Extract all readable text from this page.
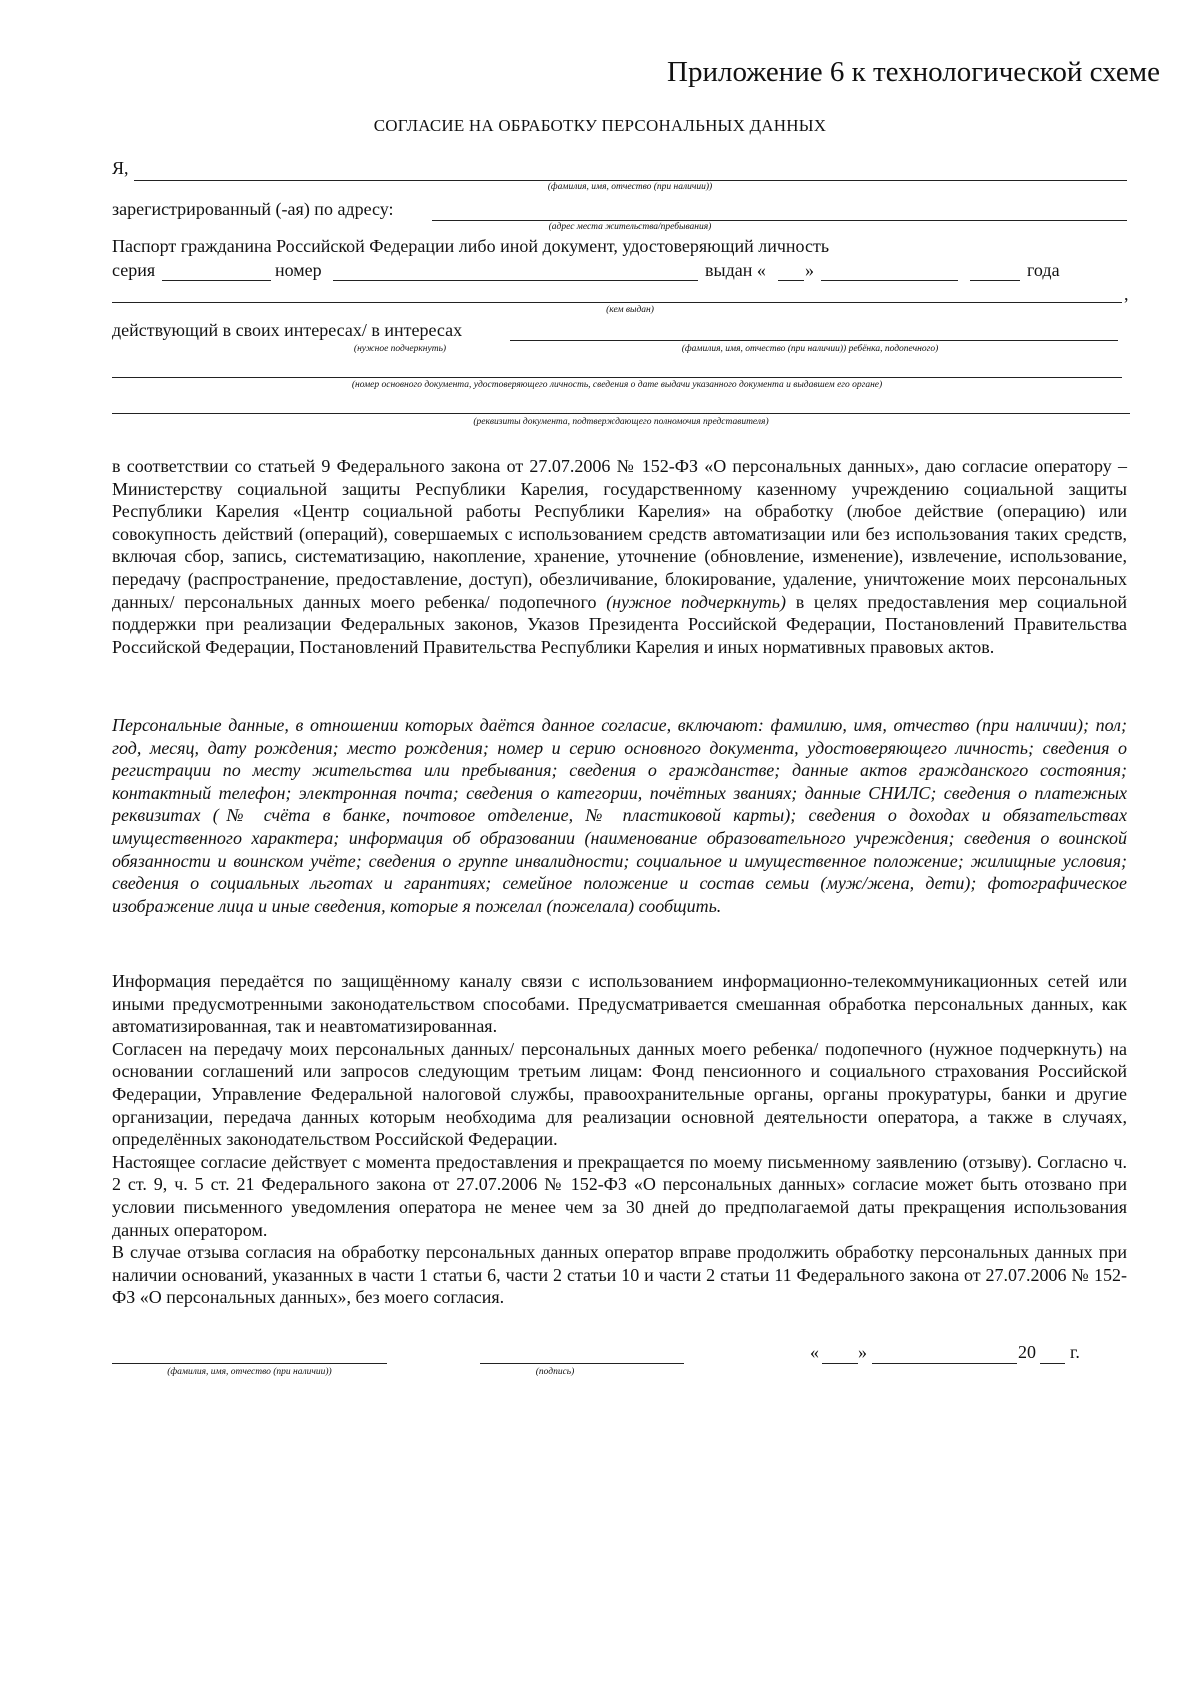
Приложение 6 к технологической схеме
СОГЛАСИЕ НА ОБРАБОТКУ ПЕРСОНАЛЬНЫХ ДАННЫХ
Я,
(фамилия, имя, отчество (при наличии))
зарегистрированный (-ая) по адресу:
(адрес места жительства/пребывания)
Паспорт гражданина Российской Федерации либо иной документ, удостоверяющий личность
серия	номер	выдан « »	года
,
(кем выдан)
действующий в своих интересах/ в интересах
(нужное подчеркнуть)	(фамилия, имя, отчество (при наличии)) ребёнка, подопечного)
(номер основного документа, удостоверяющего личность, сведения о дате выдачи указанного документа и выдавшем его органе)
(реквизиты документа, подтверждающего полномочия представителя)
в соответствии со статьей 9 Федерального закона от 27.07.2006 № 152-ФЗ «О персональных данных», даю согласие оператору – Министерству социальной защиты Республики Карелия, государственному казенному учреждению социальной защиты Республики Карелия «Центр социальной работы Республики Карелия» на обработку (любое действие (операцию) или совокупность действий (операций), совершаемых с использованием средств автоматизации или без использования таких средств, включая сбор, запись, систематизацию, накопление, хранение, уточнение (обновление, изменение), извлечение, использование, передачу (распространение, предоставление, доступ), обезличивание, блокирование, удаление, уничтожение моих персональных данных/ персональных данных моего ребенка/ подопечного (нужное подчеркнуть) в целях предоставления мер социальной поддержки при реализации Федеральных законов, Указов Президента Российской Федерации, Постановлений Правительства Российской Федерации, Постановлений Правительства Республики Карелия и иных нормативных правовых актов.
Персональные данные, в отношении которых даётся данное согласие, включают: фамилию, имя, отчество (при наличии); пол; год, месяц, дату рождения; место рождения; номер и серию основного документа, удостоверяющего личность; сведения о регистрации по месту жительства или пребывания; сведения о гражданстве; данные актов гражданского состояния; контактный телефон; электронная почта; сведения о категории, почётных званиях; данные СНИЛС; сведения о платежных реквизитах (№ счёта в банке, почтовое отделение, № пластиковой карты); сведения о доходах и обязательствах имущественного характера; информация об образовании (наименование образовательного учреждения; сведения о воинской обязанности и воинском учёте; сведения о группе инвалидности; социальное и имущественное положение; жилищные условия; сведения о социальных льготах и гарантиях; семейное положение и состав семьи (муж/жена, дети); фотографическое изображение лица и иные сведения, которые я пожелал (пожелала) сообщить.

Информация передаётся по защищённому каналу связи с использованием информационно-телекоммуникационных сетей или иными предусмотренными законодательством способами. Предусматривается смешанная обработка персональных данных, как автоматизированная, так и неавтоматизированная.

Согласен на передачу моих персональных данных/ персональных данных моего ребенка/ подопечного (нужное подчеркнуть) на основании соглашений или запросов следующим третьим лицам: Фонд пенсионного и социального страхования Российской Федерации, Управление Федеральной налоговой службы, правоохранительные органы, органы прокуратуры, банки и другие организации, передача данных которым необходима для реализации основной деятельности оператора, а также в случаях, определённых законодательством Российской Федерации.

Настоящее согласие действует с момента предоставления и прекращается по моему письменному заявлению (отзыву). Согласно ч. 2 ст. 9, ч. 5 ст. 21 Федерального закона от 27.07.2006 № 152-ФЗ «О персональных данных» согласие может быть отозвано при условии письменного уведомления оператора не менее чем за 30 дней до предполагаемой даты прекращения использования данных оператором.

В случае отзыва согласия на обработку персональных данных оператор вправе продолжить обработку персональных данных при наличии оснований, указанных в части 1 статьи 6, части 2 статьи 10 и части 2 статьи 11 Федерального закона от 27.07.2006 № 152-ФЗ «О персональных данных», без моего согласия.

(фамилия, имя, отчество (при наличии))	(подпись)
« »	20 г.
